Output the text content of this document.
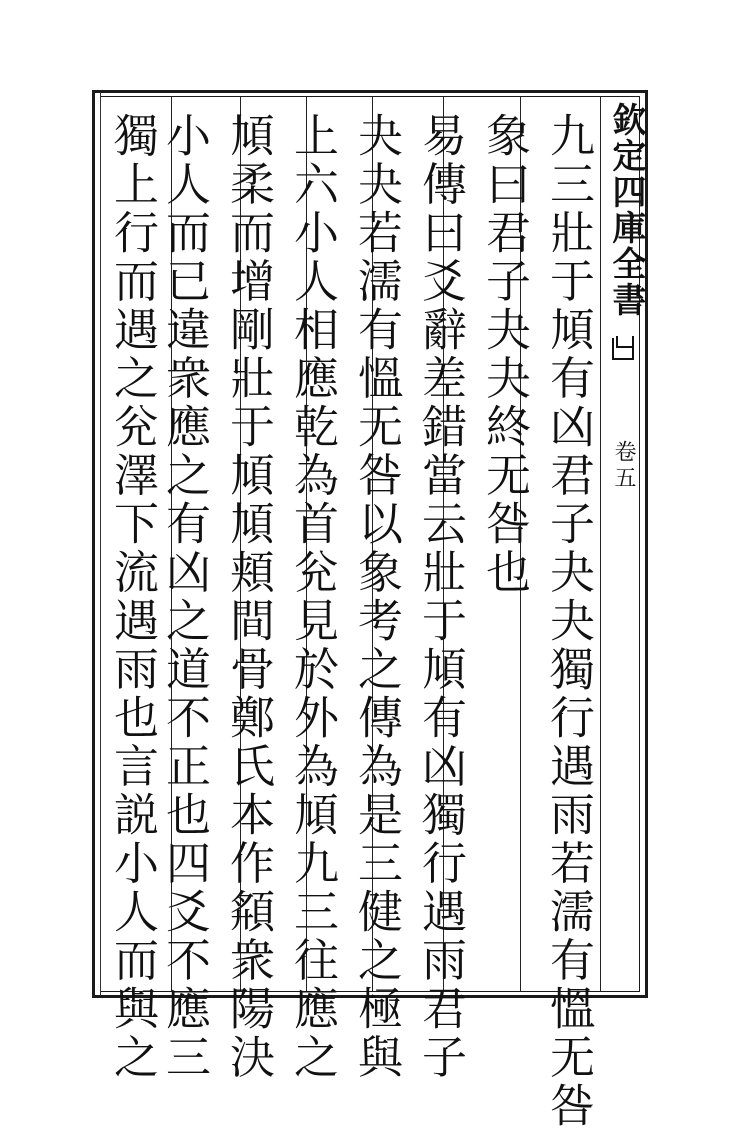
欽定四庫全書
卷五
九三壯于頄有凶君子夬夬獨行遇雨若濡有慍无咎
象曰君子夬夬終无咎也
易傳曰爻辭差錯當云壯于頄有凶獨行遇雨君子
夬夬若濡有慍无咎以象考之傳為是三健之極與
上六小人相應乾為首兊見於外為頄九三往應之
頄柔而增剛壯于頄頄頬間骨鄭氏本作頯衆陽決
小人而已違衆應之有凶之道不正也四爻不應三
獨上行而遇之兊澤下流遇雨也言説小人而與之
